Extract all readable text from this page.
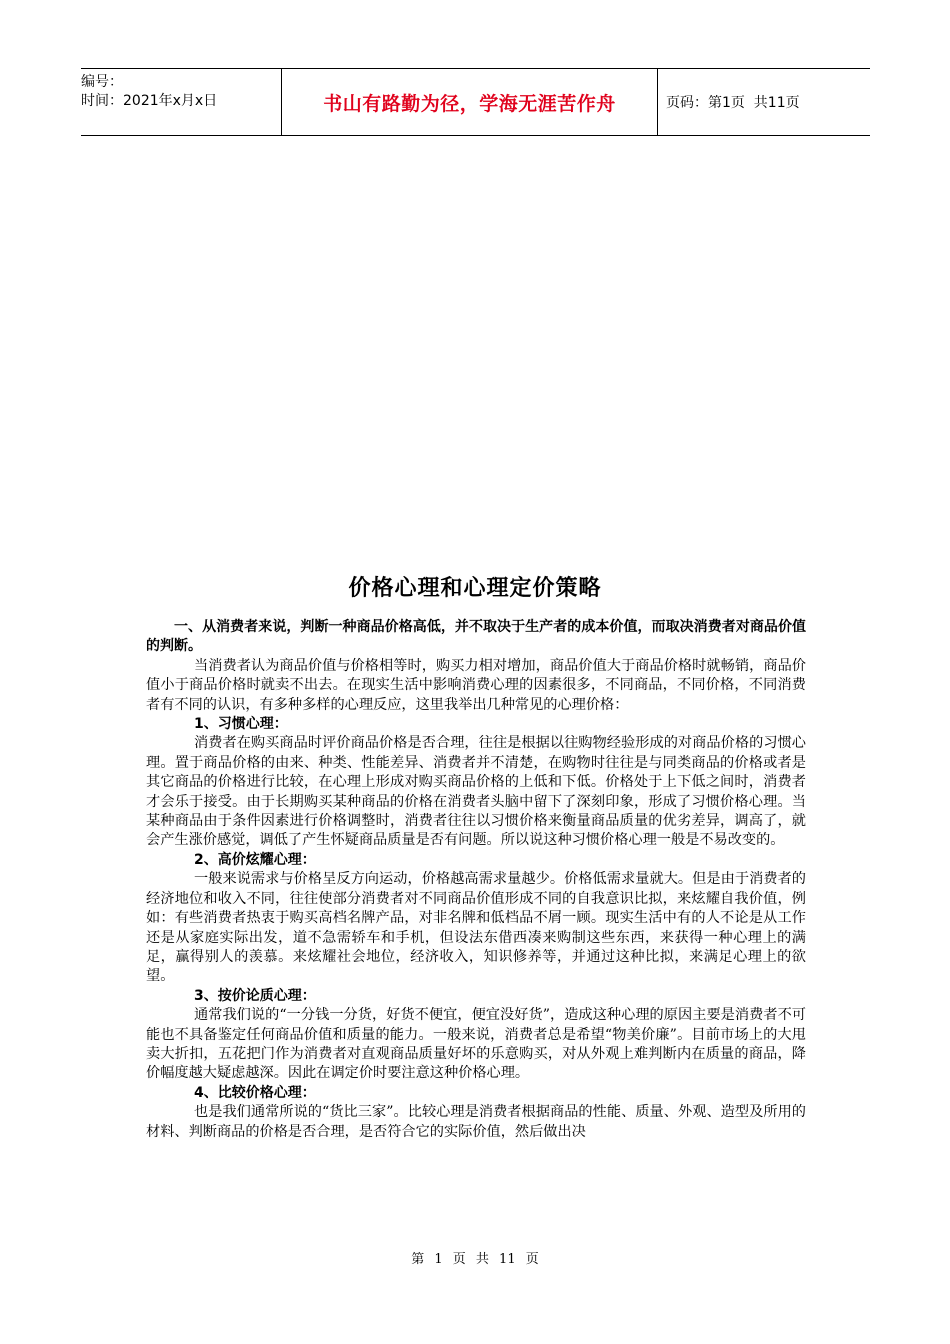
编号：
时间：2021年x月x日	书山有路勤为径，学海无涯苦作舟	页码：第1页  共11页
价格心理和心理定价策略

一、从消费者来说，判断一种商品价格高低，并不取决于生产者的成本价值，而取决消费者对商品价值的判断。

当消费者认为商品价值与价格相等时，购买力相对增加，商品价值大于商品价格时就畅销，商品价值小于商品价格时就卖不出去。在现实生活中影响消费心理的因素很多，不同商品，不同价格，不同消费者有不同的认识，有多种多样的心理反应，这里我举出几种常见的心理价格：

1、习惯心理：

消费者在购买商品时评价商品价格是否合理，往往是根据以往购物经验形成的对商品价格的习惯心理。置于商品价格的由来、种类、性能差异、消费者并不清楚，在购物时往往是与同类商品的价格或者是其它商品的价格进行比较，在心理上形成对购买商品价格的上低和下低。价格处于上下低之间时，消费者才会乐于接受。由于长期购买某种商品的价格在消费者头脑中留下了深刻印象，形成了习惯价格心理。当某种商品由于条件因素进行价格调整时，消费者往往以习惯价格来衡量商品质量的优劣差异，调高了，就会产生涨价感觉，调低了产生怀疑商品质量是否有问题。所以说这种习惯价格心理一般是不易改变的。

2、高价炫耀心理：

一般来说需求与价格呈反方向运动，价格越高需求量越少。价格低需求量就大。但是由于消费者的经济地位和收入不同，往往使部分消费者对不同商品价值形成不同的自我意识比拟，来炫耀自我价值，例如：有些消费者热衷于购买高档名牌产品，对非名牌和低档品不屑一顾。现实生活中有的人不论是从工作还是从家庭实际出发，道不急需轿车和手机，但设法东借西凑来购制这些东西，来获得一种心理上的满足，赢得别人的羡慕。来炫耀社会地位，经济收入，知识修养等，并通过这种比拟，来满足心理上的欲望。

3、按价论质心理：

通常我们说的“一分钱一分货，好货不便宜，便宜没好货”，造成这种心理的原因主要是消费者不可能也不具备鉴定任何商品价值和质量的能力。一般来说，消费者总是希望“物美价廉”。目前市场上的大甩卖大折扣，五花把门作为消费者对直观商品质量好坏的乐意购买，对从外观上难判断内在质量的商品，降价幅度越大疑虑越深。因此在调定价时要注意这种价格心理。

4、比较价格心理：

也是我们通常所说的“货比三家”。比较心理是消费者根据商品的性能、质量、外观、造型及所用的材料、判断商品的价格是否合理，是否符合它的实际价值，然后做出决

第 1 页 共 11 页
